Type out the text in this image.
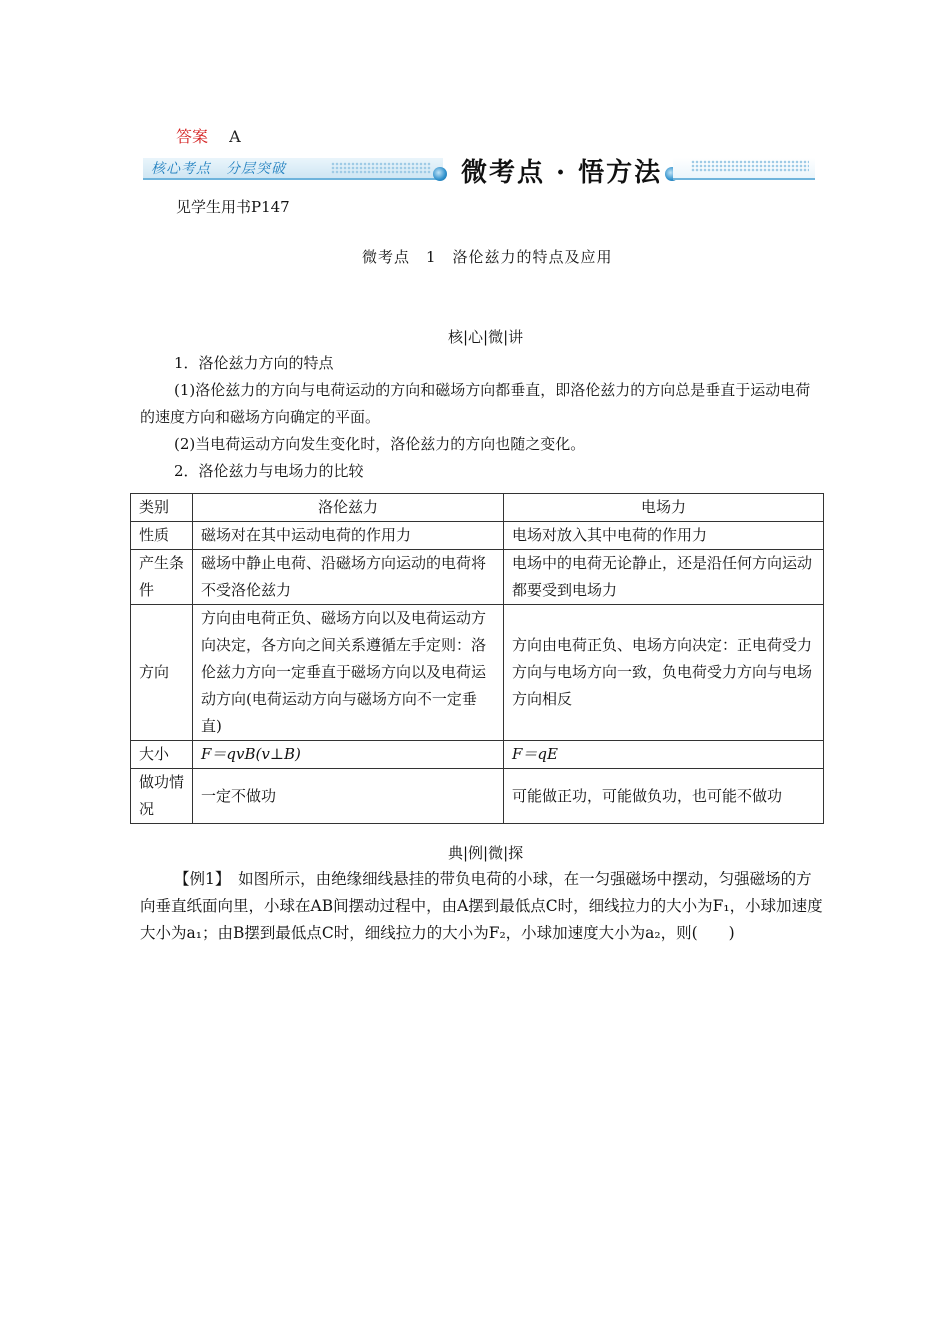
答案 A
核心考点　分层突破	微考点 · 悟方法
见学生用书P147
微考点　1　洛伦兹力的特点及应用
核|心|微|讲
1．洛伦兹力方向的特点
(1)洛伦兹力的方向与电荷运动的方向和磁场方向都垂直，即洛伦兹力的方向总是垂直于运动电荷的速度方向和磁场方向确定的平面。
(2)当电荷运动方向发生变化时，洛伦兹力的方向也随之变化。
2．洛伦兹力与电场力的比较
类别	洛伦兹力	电场力
性质	磁场对在其中运动电荷的作用力	电场对放入其中电荷的作用力
产生条件	磁场中静止电荷、沿磁场方向运动的电荷将不受洛伦兹力	电场中的电荷无论静止，还是沿任何方向运动都要受到电场力
方向	方向由电荷正负、磁场方向以及电荷运动方向决定，各方向之间关系遵循左手定则：洛伦兹力方向一定垂直于磁场方向以及电荷运动方向(电荷运动方向与磁场方向不一定垂直)	方向由电荷正负、电场方向决定：正电荷受力方向与电场方向一致，负电荷受力方向与电场方向相反
大小	F＝qvB(v⊥B)	F＝qE
做功情况	一定不做功	可能做正功，可能做负功，也可能不做功
典|例|微|探
【例1】　 如图所示，由绝缘细线悬挂的带负电荷的小球，在一匀强磁场中摆动，匀强磁场的方向垂直纸面向里，小球在AB间摆动过程中，由A摆到最低点C时，细线拉力的大小为F₁，小球加速度大小为a₁；由B摆到最低点C时，细线拉力的大小为F₂，小球加速度大小为a₂，则(　　)
